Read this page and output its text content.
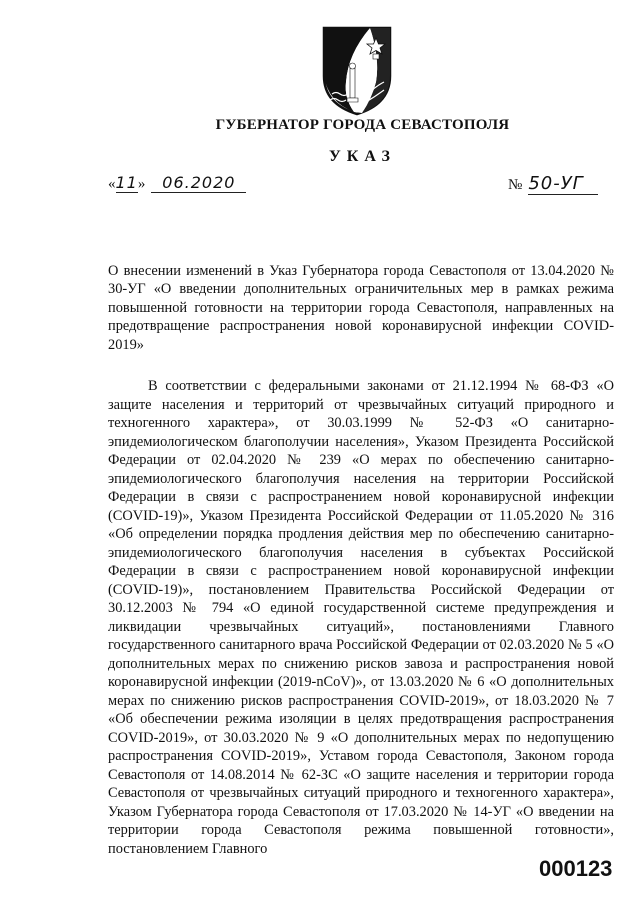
ГУБЕРНАТОР ГОРОДА СЕВАСТОПОЛЯ
УКАЗ
«11» 06.2020	№ 50-УГ
О внесении изменений в Указ Губернатора города Севастополя от 13.04.2020 № 30-УГ «О введении дополнительных ограничительных мер в рамках режима повышенной готовности на территории города Севастополя, направленных на предотвращение распространения новой коронавирусной инфекции COVID-2019»
В соответствии с федеральными законами от 21.12.1994 № 68-ФЗ «О защите населения и территорий от чрезвычайных ситуаций природного и техногенного характера», от 30.03.1999 № 52-ФЗ «О санитарно-эпидемиологическом благополучии населения», Указом Президента Российской Федерации от 02.04.2020 № 239 «О мерах по обеспечению санитарно-эпидемиологического благополучия населения на территории Российской Федерации в связи с распространением новой коронавирусной инфекции (COVID-19)», Указом Президента Российской Федерации от 11.05.2020 № 316 «Об определении порядка продления действия мер по обеспечению санитарно-эпидемиологического благополучия населения в субъектах Российской Федерации в связи с распространением новой коронавирусной инфекции (COVID-19)», постановлением Правительства Российской Федерации от 30.12.2003 № 794 «О единой государственной системе предупреждения и ликвидации чрезвычайных ситуаций», постановлениями Главного государственного санитарного врача Российской Федерации от 02.03.2020 № 5 «О дополнительных мерах по снижению рисков завоза и распространения новой коронавирусной инфекции (2019-nCoV)», от 13.03.2020 № 6 «О дополнительных мерах по снижению рисков распространения COVID-2019», от 18.03.2020 № 7 «Об обеспечении режима изоляции в целях предотвращения распространения COVID-2019», от 30.03.2020 № 9 «О дополнительных мерах по недопущению распространения COVID-2019», Уставом города Севастополя, Законом города Севастополя от 14.08.2014 № 62-ЗС «О защите населения и территории города Севастополя от чрезвычайных ситуаций природного и техногенного характера», Указом Губернатора города Севастополя от 17.03.2020 № 14-УГ «О введении на территории города Севастополя режима повышенной готовности», постановлением Главного
000123
